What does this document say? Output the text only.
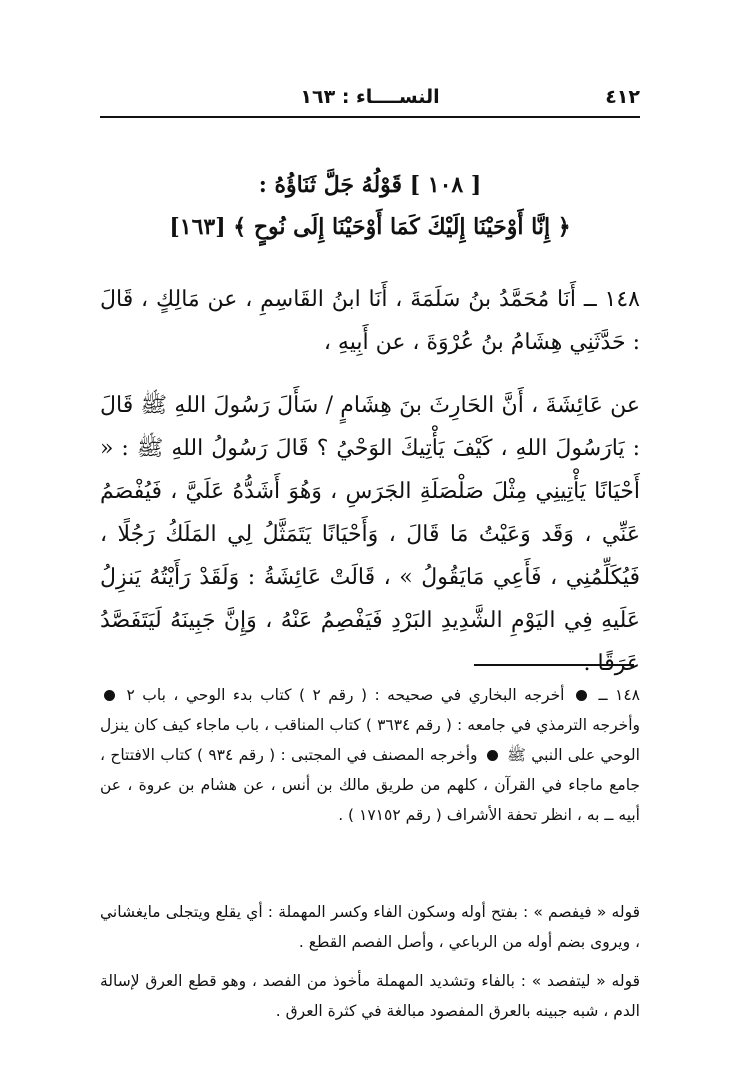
٤١٢
النســــاء : ١٦٣
[ ١٠٨ ] قَوْلُهُ جَلَّ ثَنَاؤُهُ :
﴿ إِنَّا أَوْحَيْنَا إِلَيْكَ كَمَا أَوْحَيْنَا إِلَى نُوحٍ ﴾ [١٦٣]
١٤٨ ــ أَنَا مُحَمَّدُ بنُ سَلَمَةَ ، أَنَا ابنُ القَاسِمِ ، عن مَالِكٍ ، قَالَ : حَدَّثَنِي هِشَامُ بنُ عُرْوَةَ ، عن أَبِيهِ ،
عن عَائِشَةَ ، أَنَّ الحَارِثَ بنَ هِشَامٍ / سَأَلَ رَسُولَ اللهِ ﷺ قَالَ : يَارَسُولَ اللهِ ، كَيْفَ يَأْتِيكَ الوَحْيُ ؟ قَالَ رَسُولُ اللهِ ﷺ : « أَحْيَانًا يَأْتِينِي مِثْلَ صَلْصَلَةِ الجَرَسِ ، وَهُوَ أَشَدُّهُ عَلَيَّ ، فَيُفْصَمُ عَنِّي ، وَقَد وَعَيْتُ مَا قَالَ ، وَأَحْيَانًا يَتَمَثَّلُ لِي المَلَكُ رَجُلًا ، فَيُكَلِّمُنِي ، فَأَعِي مَايَقُولُ » ، قَالَتْ عَائِشَةُ : وَلَقَدْ رَأَيْتُهُ يَنزِلُ عَلَيهِ فِي اليَوْمِ الشَّدِيدِ البَرْدِ فَيَفْصِمُ عَنْهُ ، وَإِنَّ جَبِينَهُ لَيَتَفَصَّدُ عَرَقًا .
١٤٨ ــ  أخرجه البخاري في صحيحه : ( رقم ٢ ) كتاب بدء الوحي ، باب ٢  وأخرجه الترمذي في جامعه : ( رقم ٣٦٣٤ ) كتاب المناقب ، باب ماجاء كيف كان ينزل الوحي على النبي ﷺ  وأخرجه المصنف في المجتبى : ( رقم ٩٣٤ ) كتاب الافتتاح ، جامع ماجاء في القرآن ، كلهم من طريق مالك بن أنس ، عن هشام بن عروة ، عن أبيه ــ به ، انظر تحفة الأشراف ( رقم ١٧١٥٢ ) .
قوله « فيفصم » : بفتح أوله وسكون الفاء وكسر المهملة : أي يقلع ويتجلى مايغشاني ، ويروى بضم أوله من الرباعي ، وأصل الفصم القطع .
قوله « ليتفصد » : بالفاء وتشديد المهملة مأخوذ من الفصد ، وهو قطع العرق لإسالة الدم ، شبه جبينه بالعرق المفصود مبالغة في كثرة العرق .
